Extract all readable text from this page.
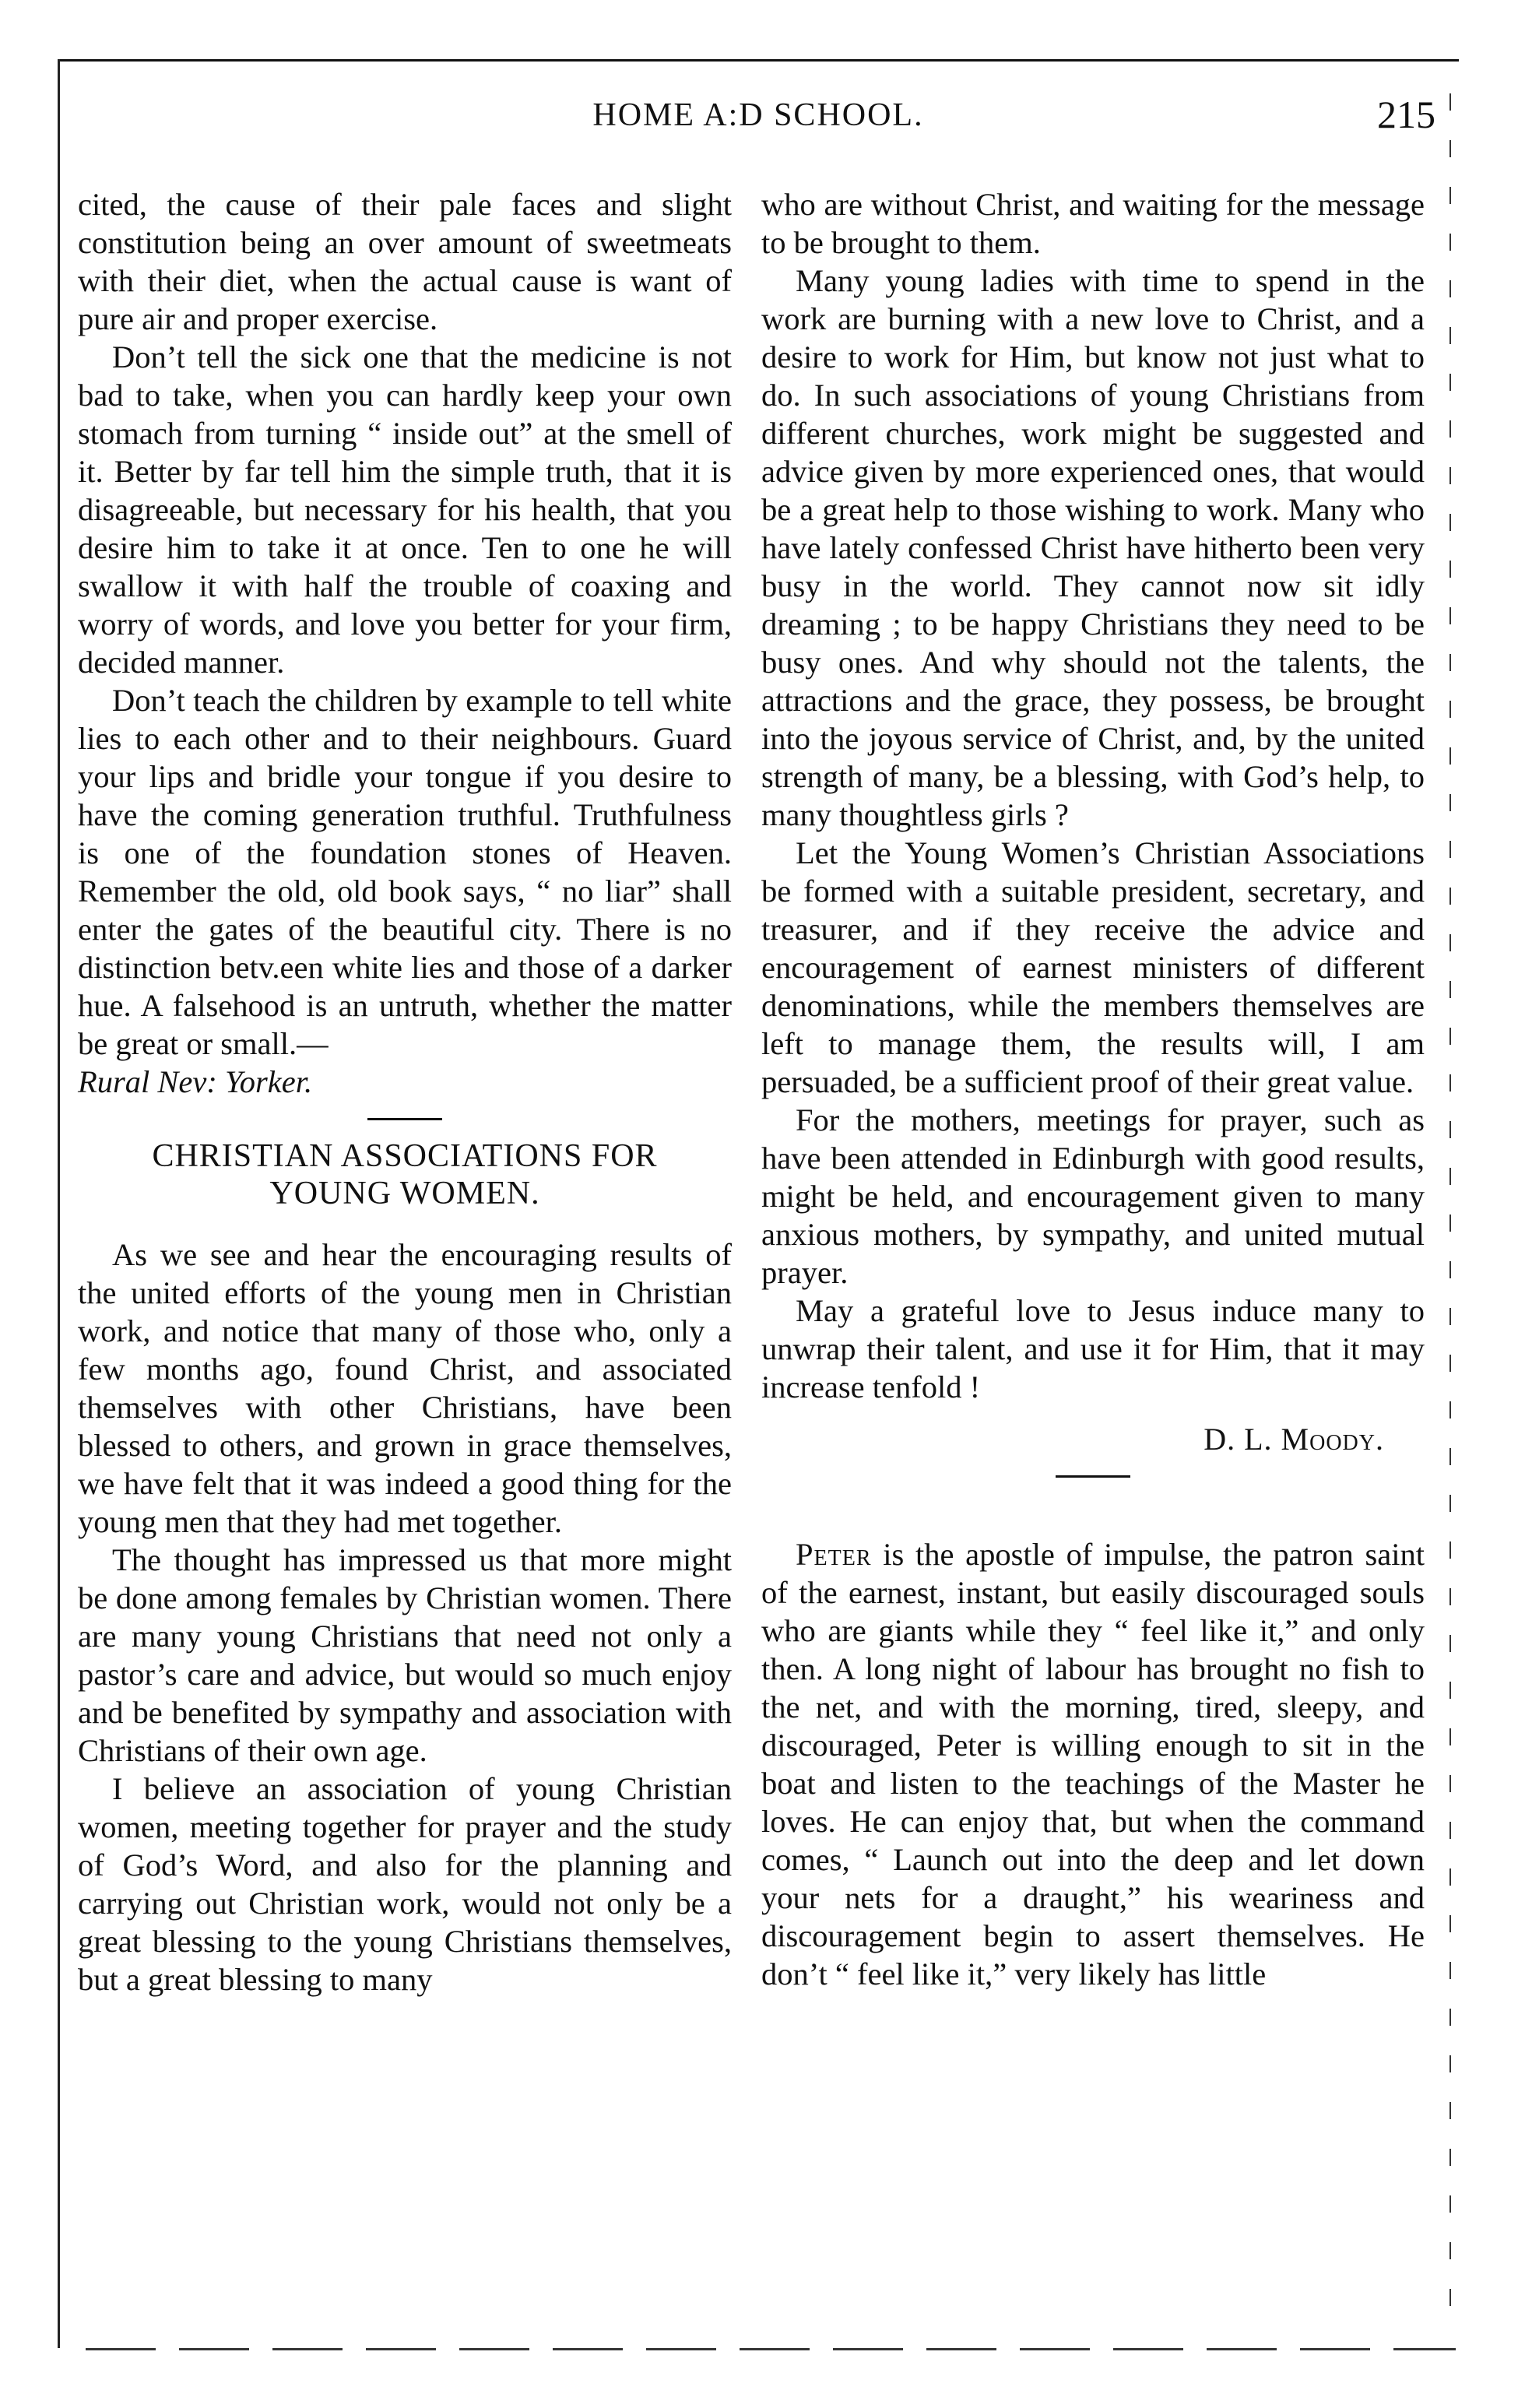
HOME A:D SCHOOL.	215

cited, the cause of their pale faces and slight constitution being an over amount of sweetmeats with their diet, when the actual cause is want of pure air and proper exercise.

Don’t tell the sick one that the medicine is not bad to take, when you can hardly keep your own stomach from turning “ inside out” at the smell of it. Better by far tell him the simple truth, that it is disagreeable, but necessary for his health, that you desire him to take it at once. Ten to one he will swallow it with half the trouble of coaxing and worry of words, and love you better for your firm, decided manner.

Don’t teach the children by example to tell white lies to each other and to their neighbours. Guard your lips and bridle your tongue if you desire to have the coming generation truthful. Truthfulness is one of the foundation stones of Heaven. Remember the old, old book says, “ no liar” shall enter the gates of the beautiful city. There is no distinction betv.een white lies and those of a darker hue. A falsehood is an untruth, whether the matter be great or small.—

Rural Nev: Yorker.

CHRISTIAN ASSOCIATIONS FOR
YOUNG WOMEN.

As we see and hear the encouraging results of the united efforts of the young men in Christian work, and notice that many of those who, only a few months ago, found Christ, and associated themselves with other Christians, have been blessed to others, and grown in grace themselves, we have felt that it was indeed a good thing for the young men that they had met together.

The thought has impressed us that more might be done among females by Christian women. There are many young Christians that need not only a pastor’s care and advice, but would so much enjoy and be benefited by sympathy and association with Christians of their own age.

I believe an association of young Christian women, meeting together for prayer and the study of God’s Word, and also for the planning and carrying out Christian work, would not only be a great blessing to the young Christians themselves, but a great blessing to many

who are without Christ, and waiting for the message to be brought to them.

Many young ladies with time to spend in the work are burning with a new love to Christ, and a desire to work for Him, but know not just what to do. In such associations of young Christians from different churches, work might be suggested and advice given by more experienced ones, that would be a great help to those wishing to work. Many who have lately confessed Christ have hitherto been very busy in the world. They cannot now sit idly dreaming ; to be happy Christians they need to be busy ones. And why should not the talents, the attractions and the grace, they possess, be brought into the joyous service of Christ, and, by the united strength of many, be a blessing, with God’s help, to many thoughtless girls ?

Let the Young Women’s Christian Associations be formed with a suitable president, secretary, and treasurer, and if they receive the advice and encouragement of earnest ministers of different denominations, while the members themselves are left to manage them, the results will, I am persuaded, be a sufficient proof of their great value.

For the mothers, meetings for prayer, such as have been attended in Edinburgh with good results, might be held, and encouragement given to many anxious mothers, by sympathy, and united mutual prayer.

May a grateful love to Jesus induce many to unwrap their talent, and use it for Him, that it may increase tenfold !

D. L. Moody.

Peter is the apostle of impulse, the patron saint of the earnest, instant, but easily discouraged souls who are giants while they “ feel like it,” and only then. A long night of labour has brought no fish to the net, and with the morning, tired, sleepy, and discouraged, Peter is willing enough to sit in the boat and listen to the teachings of the Master he loves. He can enjoy that, but when the command comes, “ Launch out into the deep and let down your nets for a draught,” his weariness and discouragement begin to assert themselves. He don’t “ feel like it,” very likely has little
